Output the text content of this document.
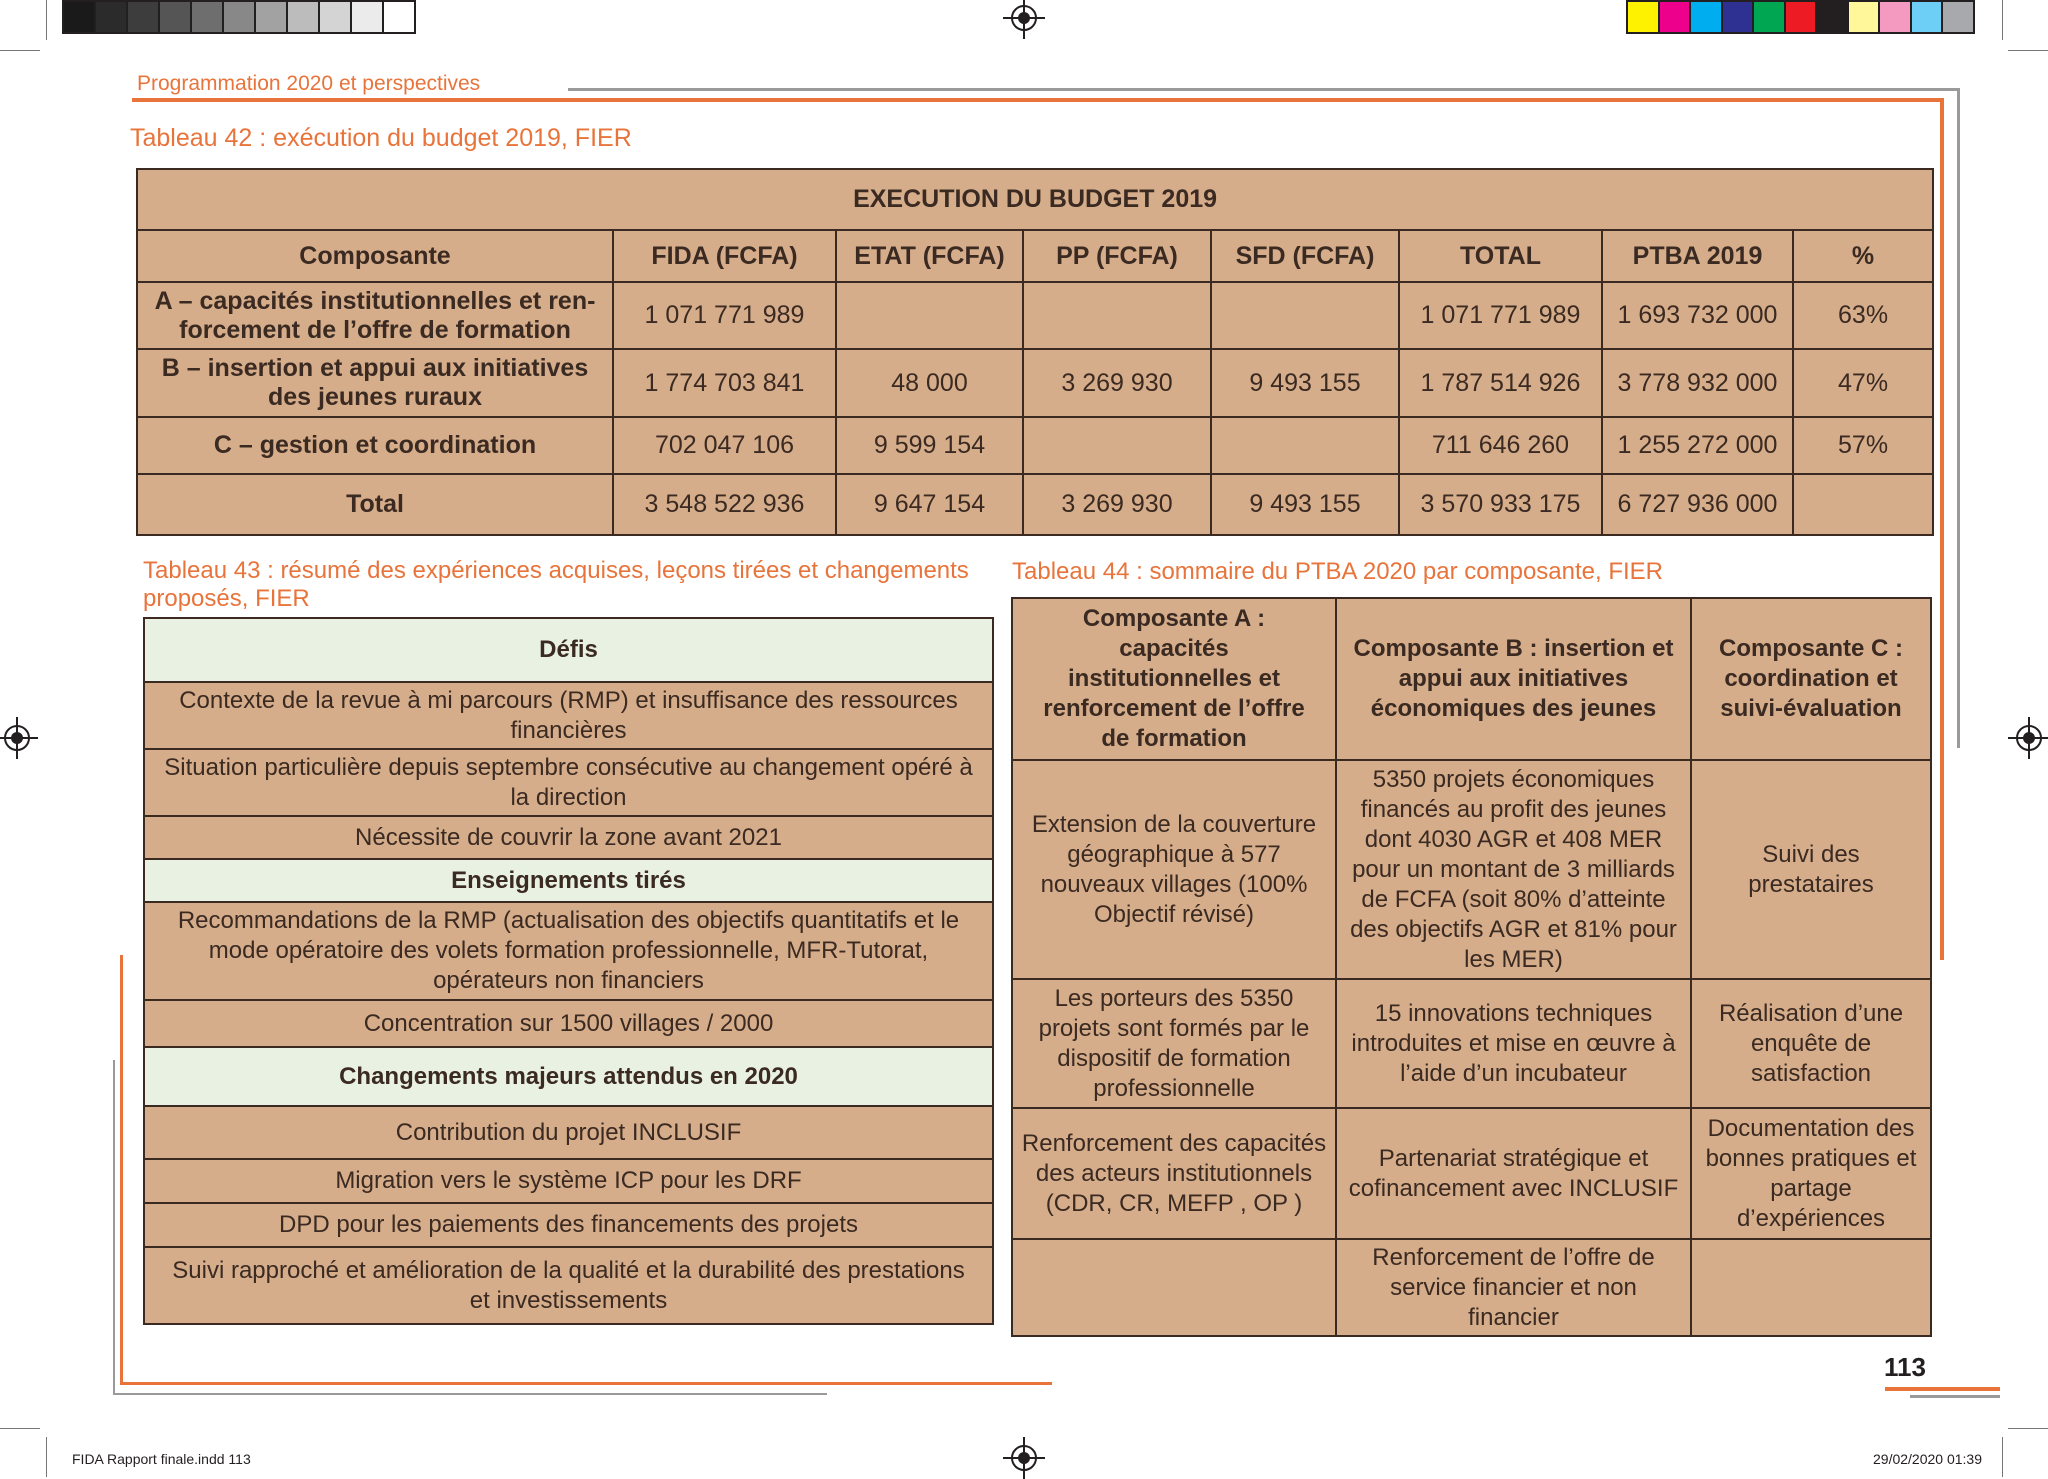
Programmation 2020 et perspectives
Tableau 42 : exécution du budget 2019, FIER
EXECUTION DU BUDGET 2019							
Composante	FIDA (FCFA)	ETAT (FCFA)	PP (FCFA)	SFD (FCFA)	TOTAL	PTBA 2019	%
A – capacités institutionnelles et ren-forcement de l’offre de formation	1 071 771 989				1 071 771 989	1 693 732 000	63%
B – insertion et appui aux initiatives des jeunes ruraux	1 774 703 841	48 000	3 269 930	9 493 155	1 787 514 926	3 778 932 000	47%
C – gestion et coordination	702 047 106	9 599 154			711 646 260	1 255 272 000	57%
Total	3 548 522 936	9 647 154	3 269 930	9 493 155	3 570 933 175	6 727 936 000	
Tableau 43 : résumé des expériences acquises, leçons tirées et changements proposés, FIER
Défis
Contexte de la revue à mi parcours (RMP) et insuffisance des ressources financières
Situation particulière depuis septembre consécutive au changement opéré à la direction
Nécessite de couvrir la zone avant 2021
Enseignements tirés
Recommandations de la RMP (actualisation des objectifs quantitatifs et le mode opératoire des volets formation professionnelle, MFR-Tutorat, opérateurs non financiers
Concentration sur 1500 villages / 2000
Changements majeurs attendus en 2020
Contribution du projet INCLUSIF
Migration vers le système ICP pour les DRF
DPD pour les paiements des financements des projets
Suivi rapproché et amélioration de la qualité et la durabilité des prestations et investissements
Tableau 44 : sommaire du PTBA 2020 par composante, FIER
Composante A : capacités institutionnelles et renforcement de l’offre de formation	Composante B : insertion et appui aux initiatives économiques des jeunes	Composante C : coordination et suivi-évaluation
Extension de la couverture géographique à 577 nouveaux villages (100% Objectif révisé)	5350 projets économiques financés au profit des jeunes dont 4030 AGR et 408 MER pour un montant de 3 milliards de FCFA (soit 80% d’atteinte des objectifs AGR et 81% pour les MER)	Suivi des prestataires
Les porteurs des 5350 projets sont formés par le dispositif de formation professionnelle	15 innovations techniques introduites et mise en œuvre à l’aide d’un incubateur	Réalisation d’une enquête de satisfaction
Renforcement des capacités des acteurs institutionnels (CDR, CR, MEFP , OP )	Partenariat stratégique et cofinancement avec INCLUSIF	Documentation des bonnes pratiques et partage d’expériences
	Renforcement de l’offre de service financier et non financier	
113
FIDA Rapport finale.indd 113	29/02/2020 01:39
